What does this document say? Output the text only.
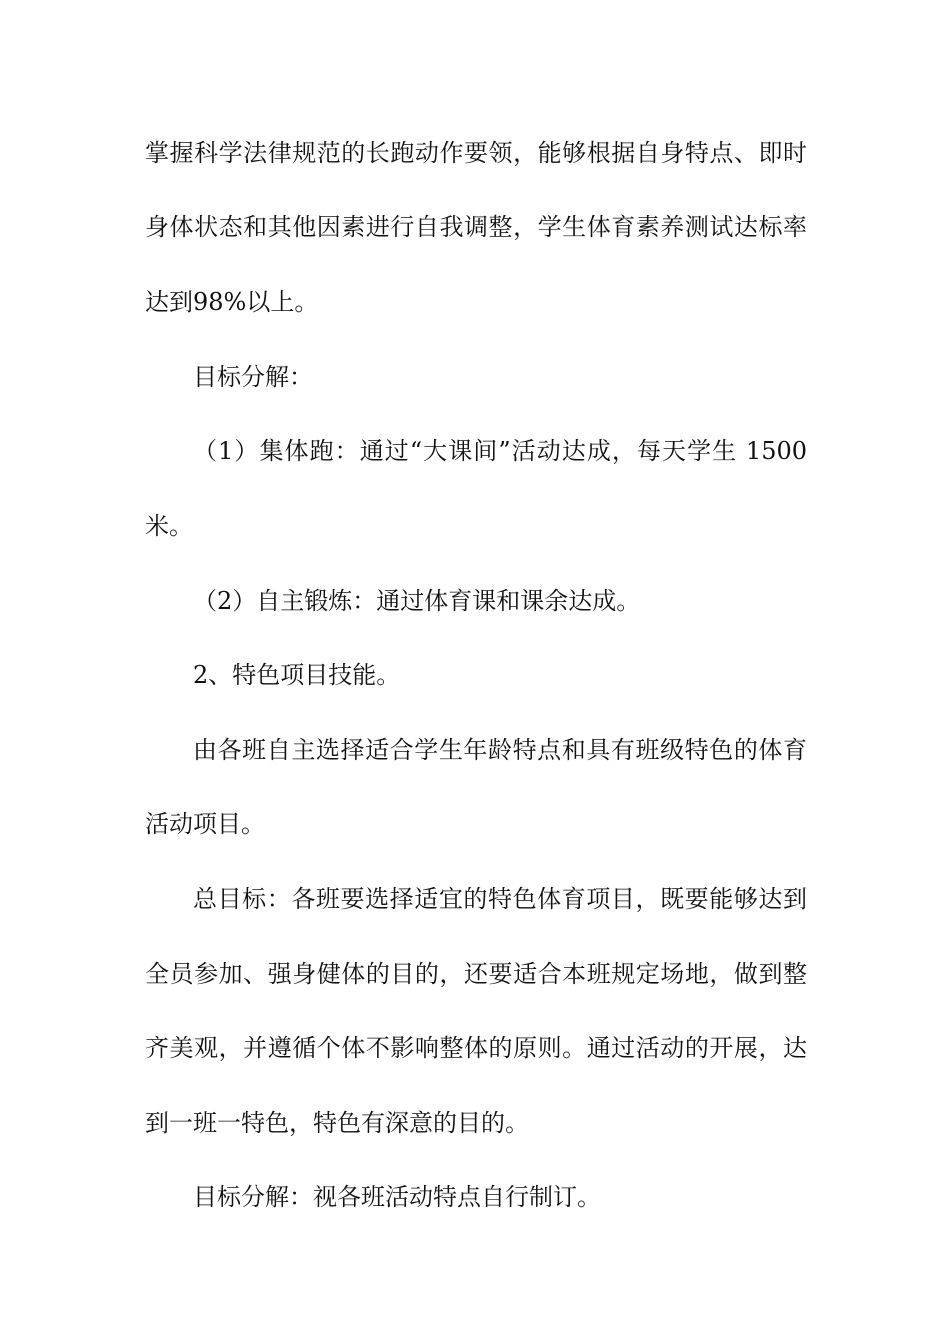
掌握科学法律规范的长跑动作要领，能够根据自身特点、即时
身体状态和其他因素进行自我调整，学生体育素养测试达标率
达到98%以上。
目标分解：
（1）集体跑：通过“大课间”活动达成，每天学生 1500
米。
（2）自主锻炼：通过体育课和课余达成。
2、特色项目技能。
由各班自主选择适合学生年龄特点和具有班级特色的体育
活动项目。
总目标：各班要选择适宜的特色体育项目，既要能够达到
全员参加、强身健体的目的，还要适合本班规定场地，做到整
齐美观，并遵循个体不影响整体的原则。通过活动的开展，达
到一班一特色，特色有深意的目的。
目标分解：视各班活动特点自行制订。
